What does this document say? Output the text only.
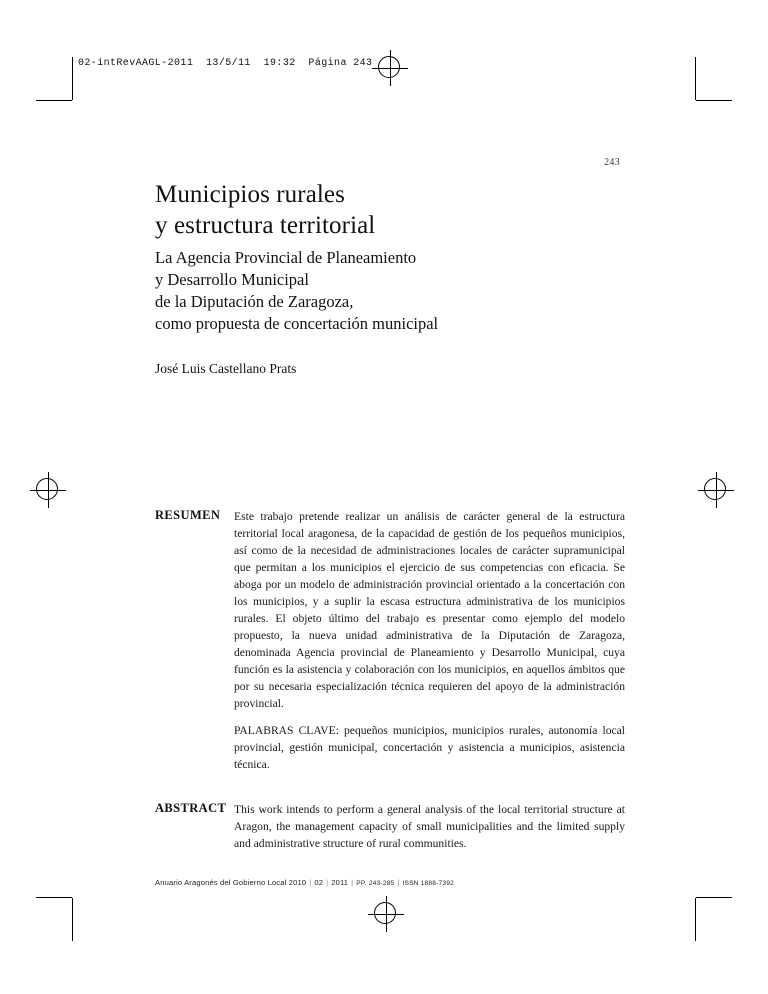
02-intRevAAGL-2011  13/5/11  19:32  Página 243
243
Municipios rurales
y estructura territorial
La Agencia Provincial de Planeamiento
y Desarrollo Municipal
de la Diputación de Zaragoza,
como propuesta de concertación municipal
José Luis Castellano Prats
RESUMEN Este trabajo pretende realizar un análisis de carácter general de la estructura territorial local aragonesa, de la capacidad de gestión de los pequeños municipios, así como de la necesidad de administraciones locales de carácter supramunicipal que permitan a los municipios el ejercicio de sus competencias con eficacia. Se aboga por un modelo de administración provincial orientado a la concertación con los municipios, y a suplir la escasa estructura administrativa de los municipios rurales. El objeto último del trabajo es presentar como ejemplo del modelo propuesto, la nueva unidad administrativa de la Diputación de Zaragoza, denominada Agencia provincial de Planeamiento y Desarrollo Municipal, cuya función es la asistencia y colaboración con los municipios, en aquellos ámbitos que por su necesaria especialización técnica requieren del apoyo de la administración provincial.

PALABRAS CLAVE: pequeños municipios, municipios rurales, autonomía local provincial, gestión municipal, concertación y asistencia a municipios, asistencia técnica.

ABSTRACT This work intends to perform a general analysis of the local territorial structure at Aragon, the management capacity of small municipalities and the limited supply and administrative structure of rural communities.

Anuario Aragonés del Gobierno Local 2010 | 02 | 2011 | PP. 243-285 | ISSN 1888-7392
